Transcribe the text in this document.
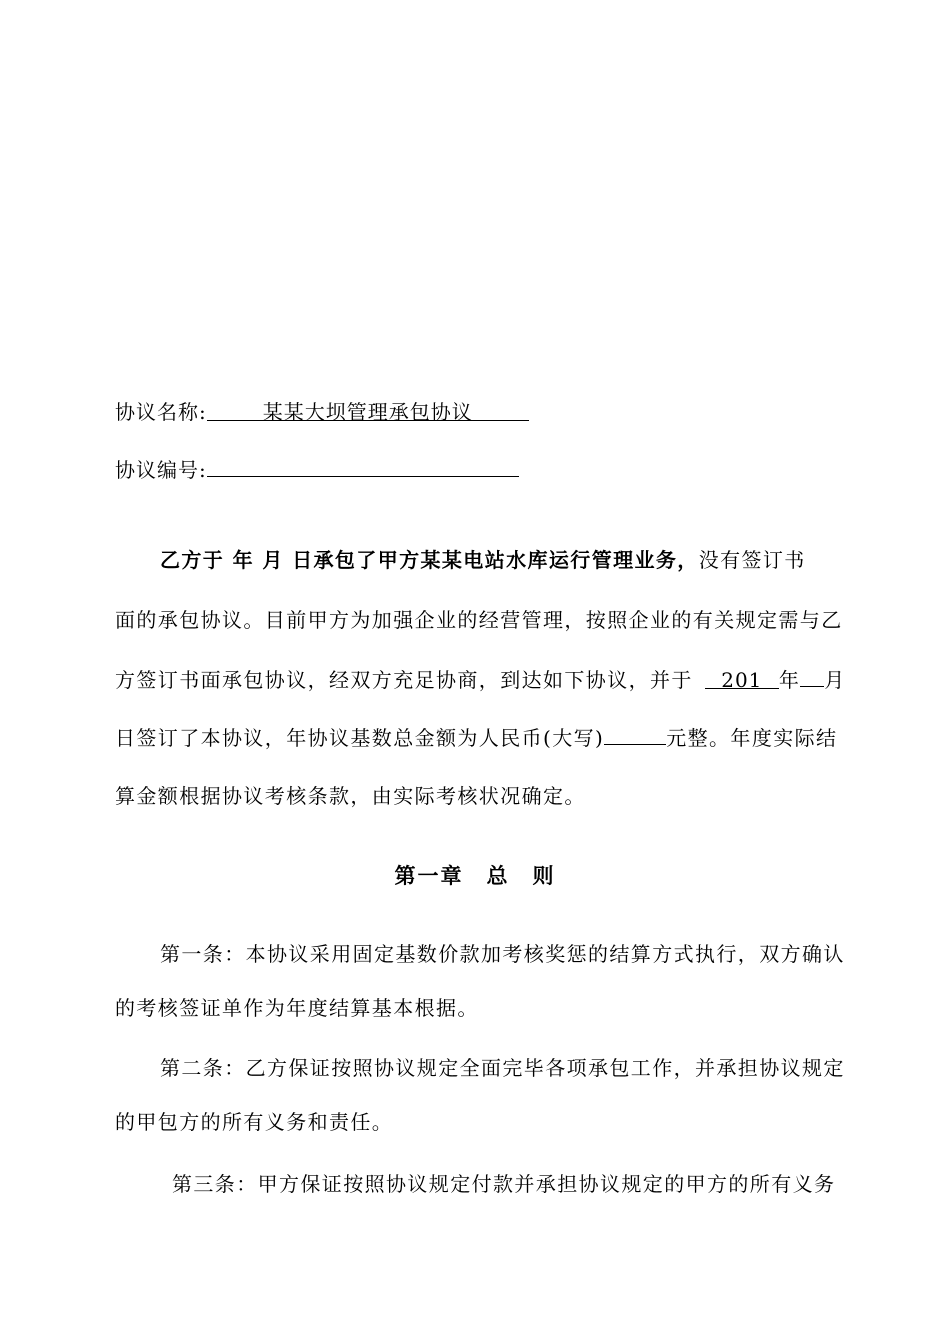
协议名称:	某某大坝管理承包协议
协议编号:
乙方于 年 月 日承包了甲方某某电站水库运行管理业务，没有签订书
面的承包协议。目前甲方为加强企业的经营管理，按照企业的有关规定需与乙
方签订书面承包协议，经双方充足协商，到达如下协议，并于 201 年 月
日签订了本协议，年协议基数总金额为人民币(大写)	元整。年度实际结
算金额根据协议考核条款，由实际考核状况确定。
第一章　总　则
第一条：本协议采用固定基数价款加考核奖惩的结算方式执行，双方确认
的考核签证单作为年度结算基本根据。
第二条：乙方保证按照协议规定全面完毕各项承包工作，并承担协议规定
的甲包方的所有义务和责任。
第三条：甲方保证按照协议规定付款并承担协议规定的甲方的所有义务
